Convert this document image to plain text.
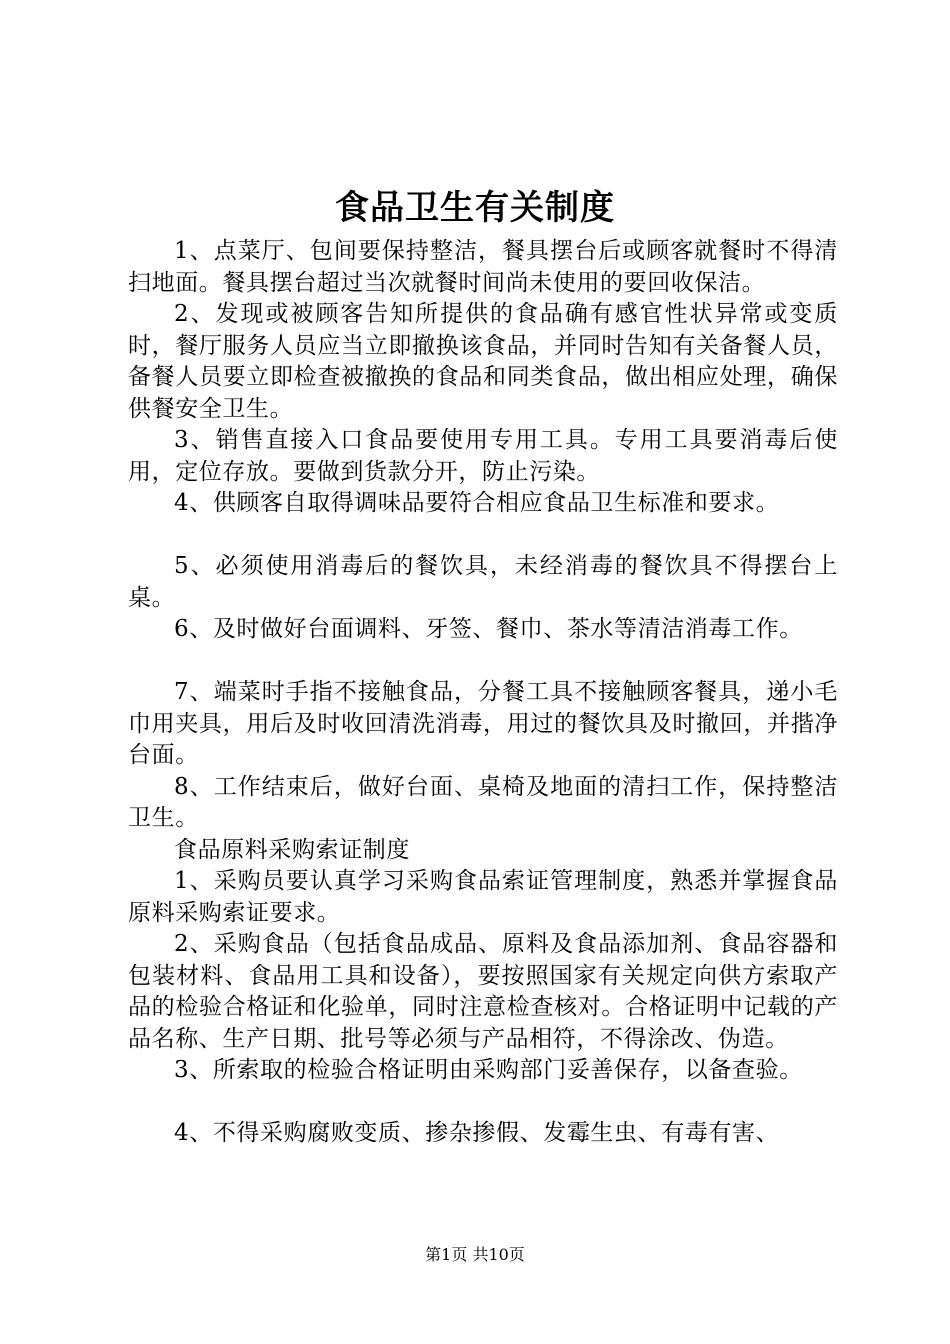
食品卫生有关制度

1、点菜厅、包间要保持整洁，餐具摆台后或顾客就餐时不得清扫地面。餐具摆台超过当次就餐时间尚未使用的要回收保洁。

2、发现或被顾客告知所提供的食品确有感官性状异常或变质时，餐厅服务人员应当立即撤换该食品，并同时告知有关备餐人员，备餐人员要立即检查被撤换的食品和同类食品，做出相应处理，确保供餐安全卫生。

3、销售直接入口食品要使用专用工具。专用工具要消毒后使用，定位存放。要做到货款分开，防止污染。

4、供顾客自取得调味品要符合相应食品卫生标准和要求。

5、必须使用消毒后的餐饮具，未经消毒的餐饮具不得摆台上桌。

6、及时做好台面调料、牙签、餐巾、茶水等清洁消毒工作。

7、端菜时手指不接触食品，分餐工具不接触顾客餐具，递小毛巾用夹具，用后及时收回清洗消毒，用过的餐饮具及时撤回，并揩净台面。

8、工作结束后，做好台面、桌椅及地面的清扫工作，保持整洁卫生。

食品原料采购索证制度

1、采购员要认真学习采购食品索证管理制度，熟悉并掌握食品原料采购索证要求。

2、采购食品（包括食品成品、原料及食品添加剂、食品容器和包装材料、食品用工具和设备），要按照国家有关规定向供方索取产品的检验合格证和化验单，同时注意检查核对。合格证明中记载的产品名称、生产日期、批号等必须与产品相符，不得涂改、伪造。

3、所索取的检验合格证明由采购部门妥善保存，以备查验。

4、不得采购腐败变质、掺杂掺假、发霉生虫、有毒有害、

第1页 共10页
